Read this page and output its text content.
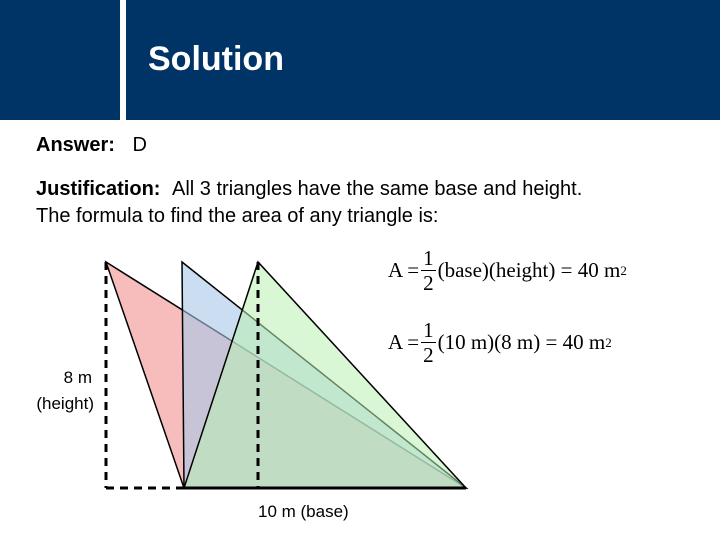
Solution
Answer: D
Justification: All 3 triangles have the same base and height.
The formula to find the area of any triangle is:
8 m
(height)
10 m (base)
$A = \frac{1}{2}$ (base)(height) = 40 m 2
$A = \frac{1}{2} (10$ m)(8 m) = 40 m 2
